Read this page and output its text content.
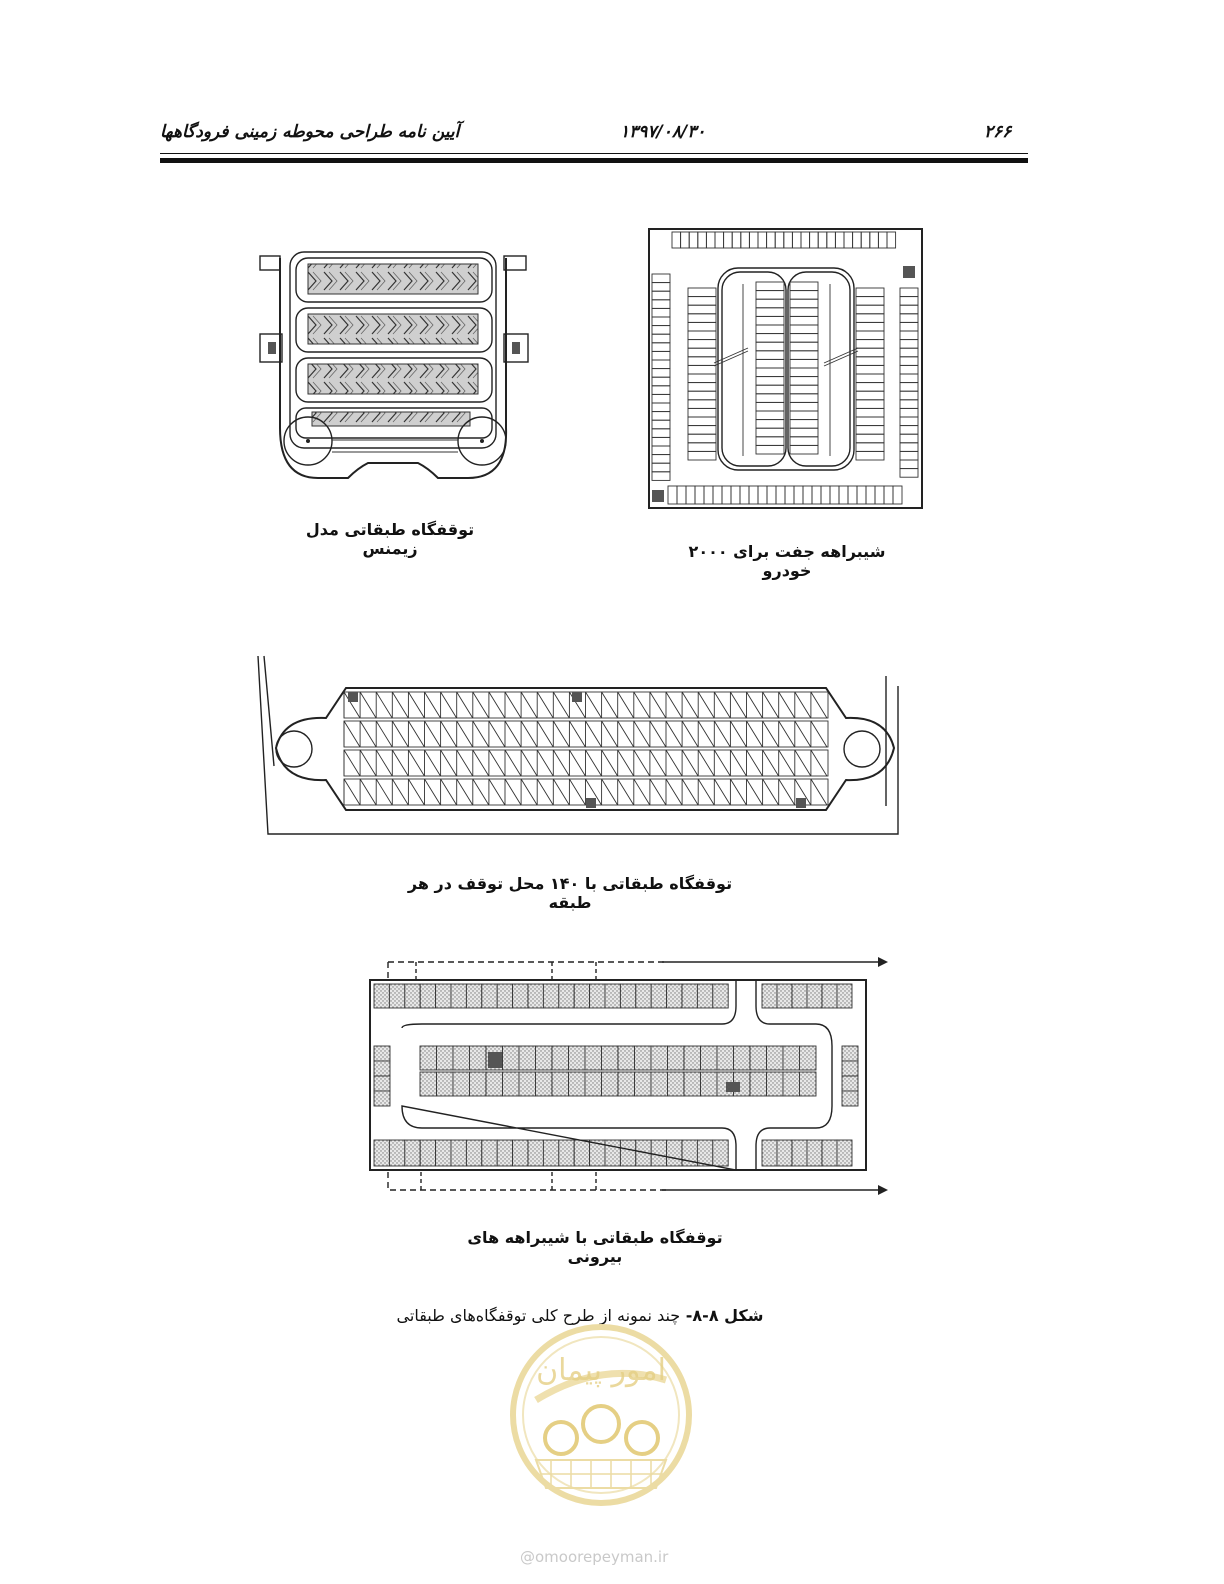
۲۶۶
۱۳۹۷/۰۸/۳۰
آیین نامه طراحی محوطه زمینی فرودگاهها
شیبراهه جفت برای ۲۰۰۰ خودرو
توقفگاه طبقاتی مدل زیمنس
توقفگاه طبقاتی با ۱۴۰ محل توقف در هر طبقه
توقفگاه طبقاتی با شیبراهه های بیرونی
شکل ۸-۸- چند نمونه از طرح کلی توقفگاه‌های طبقاتی
امور پیمان
@omoorepeyman.ir
